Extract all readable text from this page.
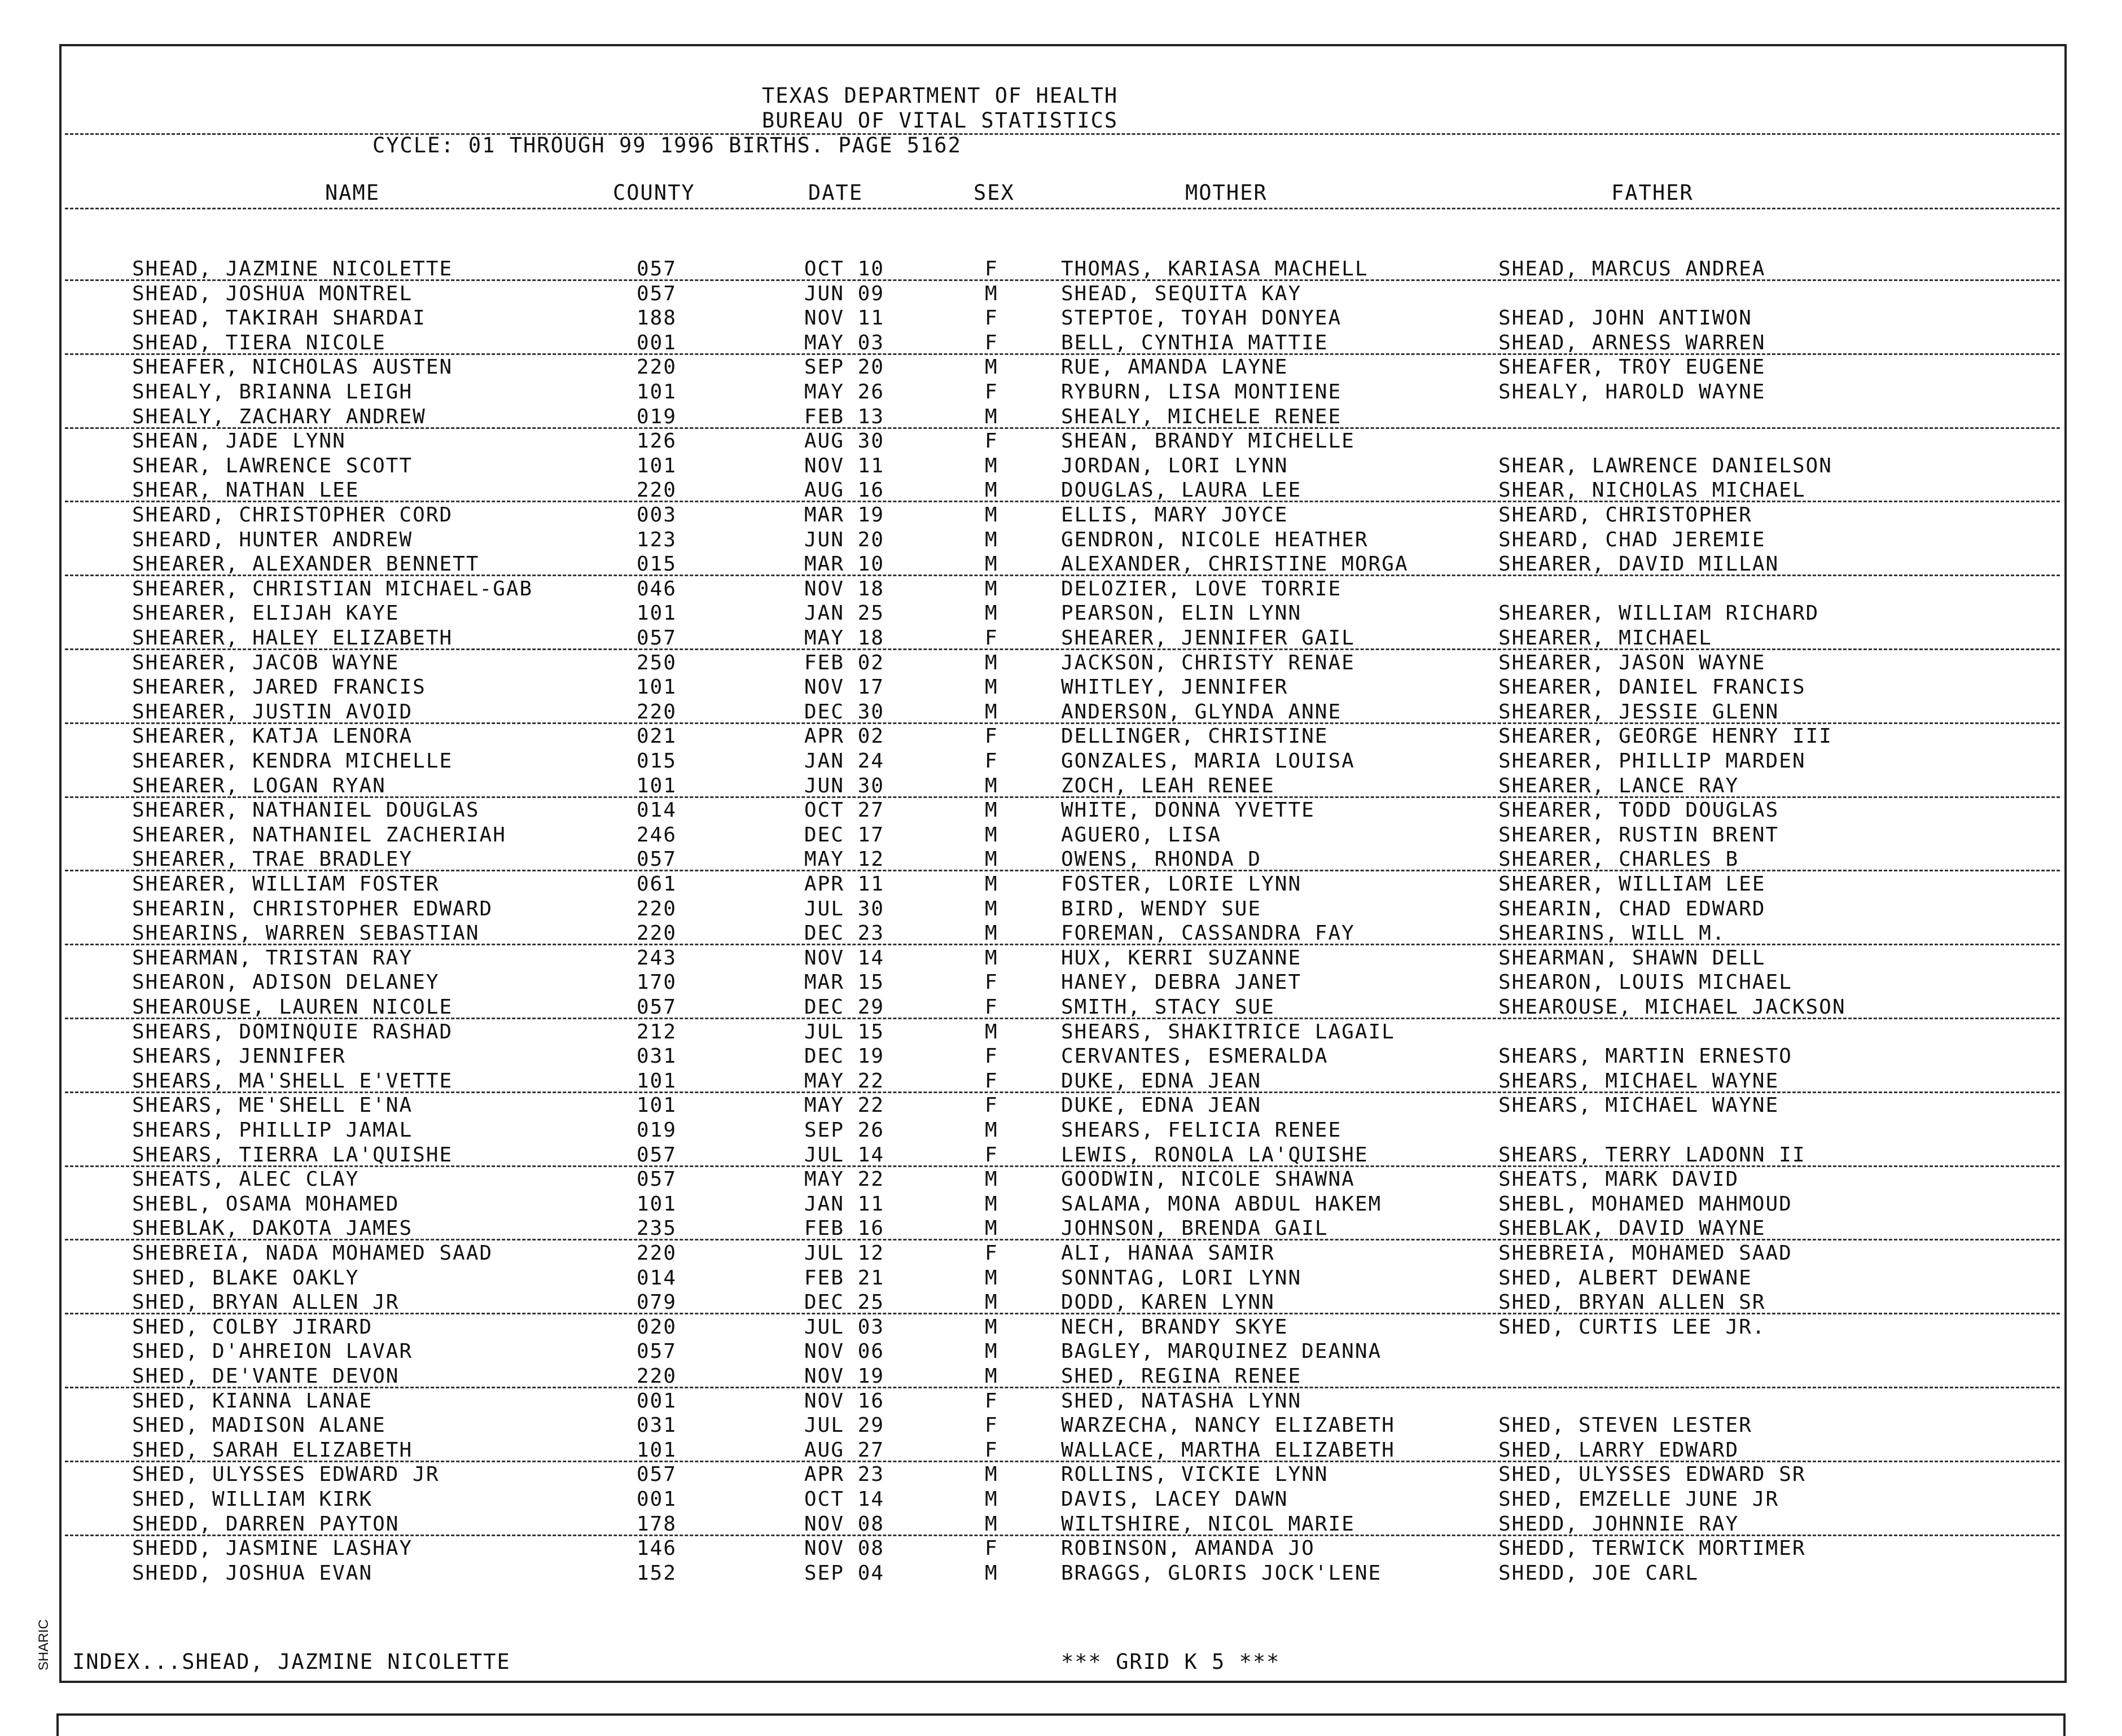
TEXAS DEPARTMENT OF HEALTH
BUREAU OF VITAL STATISTICS
CYCLE: 01 THROUGH 99 1996 BIRTHS. PAGE 5162
NAME	COUNTY	DATE	SEX	MOTHER	FATHER
SHEAD, JAZMINE NICOLETTE	057	OCT 10	F	THOMAS, KARIASA MACHELL	SHEAD, MARCUS ANDREA
SHEAD, JOSHUA MONTREL	057	JUN 09	M	SHEAD, SEQUITA KAY
SHEAD, TAKIRAH SHARDAI	188	NOV 11	F	STEPTOE, TOYAH DONYEA	SHEAD, JOHN ANTIWON
SHEAD, TIERA NICOLE	001	MAY 03	F	BELL, CYNTHIA MATTIE	SHEAD, ARNESS WARREN
SHEAFER, NICHOLAS AUSTEN	220	SEP 20	M	RUE, AMANDA LAYNE	SHEAFER, TROY EUGENE
SHEALY, BRIANNA LEIGH	101	MAY 26	F	RYBURN, LISA MONTIENE	SHEALY, HAROLD WAYNE
SHEALY, ZACHARY ANDREW	019	FEB 13	M	SHEALY, MICHELE RENEE
SHEAN, JADE LYNN	126	AUG 30	F	SHEAN, BRANDY MICHELLE
SHEAR, LAWRENCE SCOTT	101	NOV 11	M	JORDAN, LORI LYNN	SHEAR, LAWRENCE DANIELSON
SHEAR, NATHAN LEE	220	AUG 16	M	DOUGLAS, LAURA LEE	SHEAR, NICHOLAS MICHAEL
SHEARD, CHRISTOPHER CORD	003	MAR 19	M	ELLIS, MARY JOYCE	SHEARD, CHRISTOPHER
SHEARD, HUNTER ANDREW	123	JUN 20	M	GENDRON, NICOLE HEATHER	SHEARD, CHAD JEREMIE
SHEARER, ALEXANDER BENNETT	015	MAR 10	M	ALEXANDER, CHRISTINE MORGA	SHEARER, DAVID MILLAN
SHEARER, CHRISTIAN MICHAEL-GAB	046	NOV 18	M	DELOZIER, LOVE TORRIE
SHEARER, ELIJAH KAYE	101	JAN 25	M	PEARSON, ELIN LYNN	SHEARER, WILLIAM RICHARD
SHEARER, HALEY ELIZABETH	057	MAY 18	F	SHEARER, JENNIFER GAIL	SHEARER, MICHAEL
SHEARER, JACOB WAYNE	250	FEB 02	M	JACKSON, CHRISTY RENAE	SHEARER, JASON WAYNE
SHEARER, JARED FRANCIS	101	NOV 17	M	WHITLEY, JENNIFER	SHEARER, DANIEL FRANCIS
SHEARER, JUSTIN AVOID	220	DEC 30	M	ANDERSON, GLYNDA ANNE	SHEARER, JESSIE GLENN
SHEARER, KATJA LENORA	021	APR 02	F	DELLINGER, CHRISTINE	SHEARER, GEORGE HENRY III
SHEARER, KENDRA MICHELLE	015	JAN 24	F	GONZALES, MARIA LOUISA	SHEARER, PHILLIP MARDEN
SHEARER, LOGAN RYAN	101	JUN 30	M	ZOCH, LEAH RENEE	SHEARER, LANCE RAY
SHEARER, NATHANIEL DOUGLAS	014	OCT 27	M	WHITE, DONNA YVETTE	SHEARER, TODD DOUGLAS
SHEARER, NATHANIEL ZACHERIAH	246	DEC 17	M	AGUERO, LISA	SHEARER, RUSTIN BRENT
SHEARER, TRAE BRADLEY	057	MAY 12	M	OWENS, RHONDA D	SHEARER, CHARLES B
SHEARER, WILLIAM FOSTER	061	APR 11	M	FOSTER, LORIE LYNN	SHEARER, WILLIAM LEE
SHEARIN, CHRISTOPHER EDWARD	220	JUL 30	M	BIRD, WENDY SUE	SHEARIN, CHAD EDWARD
SHEARINS, WARREN SEBASTIAN	220	DEC 23	M	FOREMAN, CASSANDRA FAY	SHEARINS, WILL M.
SHEARMAN, TRISTAN RAY	243	NOV 14	M	HUX, KERRI SUZANNE	SHEARMAN, SHAWN DELL
SHEARON, ADISON DELANEY	170	MAR 15	F	HANEY, DEBRA JANET	SHEARON, LOUIS MICHAEL
SHEAROUSE, LAUREN NICOLE	057	DEC 29	F	SMITH, STACY SUE	SHEAROUSE, MICHAEL JACKSON
SHEARS, DOMINQUIE RASHAD	212	JUL 15	M	SHEARS, SHAKITRICE LAGAIL
SHEARS, JENNIFER	031	DEC 19	F	CERVANTES, ESMERALDA	SHEARS, MARTIN ERNESTO
SHEARS, MA'SHELL E'VETTE	101	MAY 22	F	DUKE, EDNA JEAN	SHEARS, MICHAEL WAYNE
SHEARS, ME'SHELL E'NA	101	MAY 22	F	DUKE, EDNA JEAN	SHEARS, MICHAEL WAYNE
SHEARS, PHILLIP JAMAL	019	SEP 26	M	SHEARS, FELICIA RENEE
SHEARS, TIERRA LA'QUISHE	057	JUL 14	F	LEWIS, RONOLA LA'QUISHE	SHEARS, TERRY LADONN II
SHEATS, ALEC CLAY	057	MAY 22	M	GOODWIN, NICOLE SHAWNA	SHEATS, MARK DAVID
SHEBL, OSAMA MOHAMED	101	JAN 11	M	SALAMA, MONA ABDUL HAKEM	SHEBL, MOHAMED MAHMOUD
SHEBLAK, DAKOTA JAMES	235	FEB 16	M	JOHNSON, BRENDA GAIL	SHEBLAK, DAVID WAYNE
SHEBREIA, NADA MOHAMED SAAD	220	JUL 12	F	ALI, HANAA SAMIR	SHEBREIA, MOHAMED SAAD
SHED, BLAKE OAKLY	014	FEB 21	M	SONNTAG, LORI LYNN	SHED, ALBERT DEWANE
SHED, BRYAN ALLEN JR	079	DEC 25	M	DODD, KAREN LYNN	SHED, BRYAN ALLEN SR
SHED, COLBY JIRARD	020	JUL 03	M	NECH, BRANDY SKYE	SHED, CURTIS LEE JR.
SHED, D'AHREION LAVAR	057	NOV 06	M	BAGLEY, MARQUINEZ DEANNA
SHED, DE'VANTE DEVON	220	NOV 19	M	SHED, REGINA RENEE
SHED, KIANNA LANAE	001	NOV 16	F	SHED, NATASHA LYNN
SHED, MADISON ALANE	031	JUL 29	F	WARZECHA, NANCY ELIZABETH	SHED, STEVEN LESTER
SHED, SARAH ELIZABETH	101	AUG 27	F	WALLACE, MARTHA ELIZABETH	SHED, LARRY EDWARD
SHED, ULYSSES EDWARD JR	057	APR 23	M	ROLLINS, VICKIE LYNN	SHED, ULYSSES EDWARD SR
SHED, WILLIAM KIRK	001	OCT 14	M	DAVIS, LACEY DAWN	SHED, EMZELLE JUNE JR
SHEDD, DARREN PAYTON	178	NOV 08	M	WILTSHIRE, NICOL MARIE	SHEDD, JOHNNIE RAY
SHEDD, JASMINE LASHAY	146	NOV 08	F	ROBINSON, AMANDA JO	SHEDD, TERWICK MORTIMER
SHEDD, JOSHUA EVAN	152	SEP 04	M	BRAGGS, GLORIS JOCK'LENE	SHEDD, JOE CARL
INDEX...SHEAD, JAZMINE NICOLETTE	*** GRID K 5 ***
SHARIC
